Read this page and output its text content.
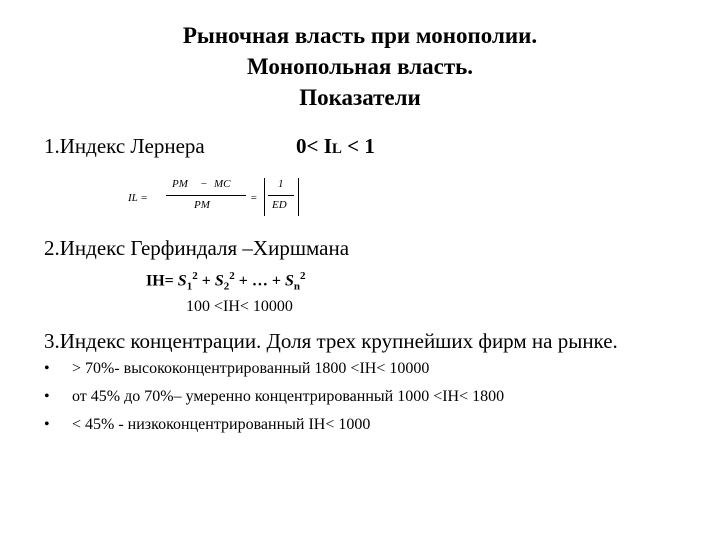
Рыночная власть при монополии.
Монопольная власть.
Показатели
1.Индекс Лернера	0< IL < 1
IL =
PM − MC
PM
=
1
ED
2.Индекс Герфиндаля –Хиршмана
$IH= S_1^2 + S_2^2$ + … + $S_n^2$
100 <IH< 10000
3.Индекс концентрации. Доля трех крупнейших фирм на рынке.
•	> 70%- высококонцентрированный 1800 <IH< 10000
•	от 45% до 70%– умеренно концентрированный 1000 <IH< 1800
•	< 45% - низкоконцентрированный IH< 1000
